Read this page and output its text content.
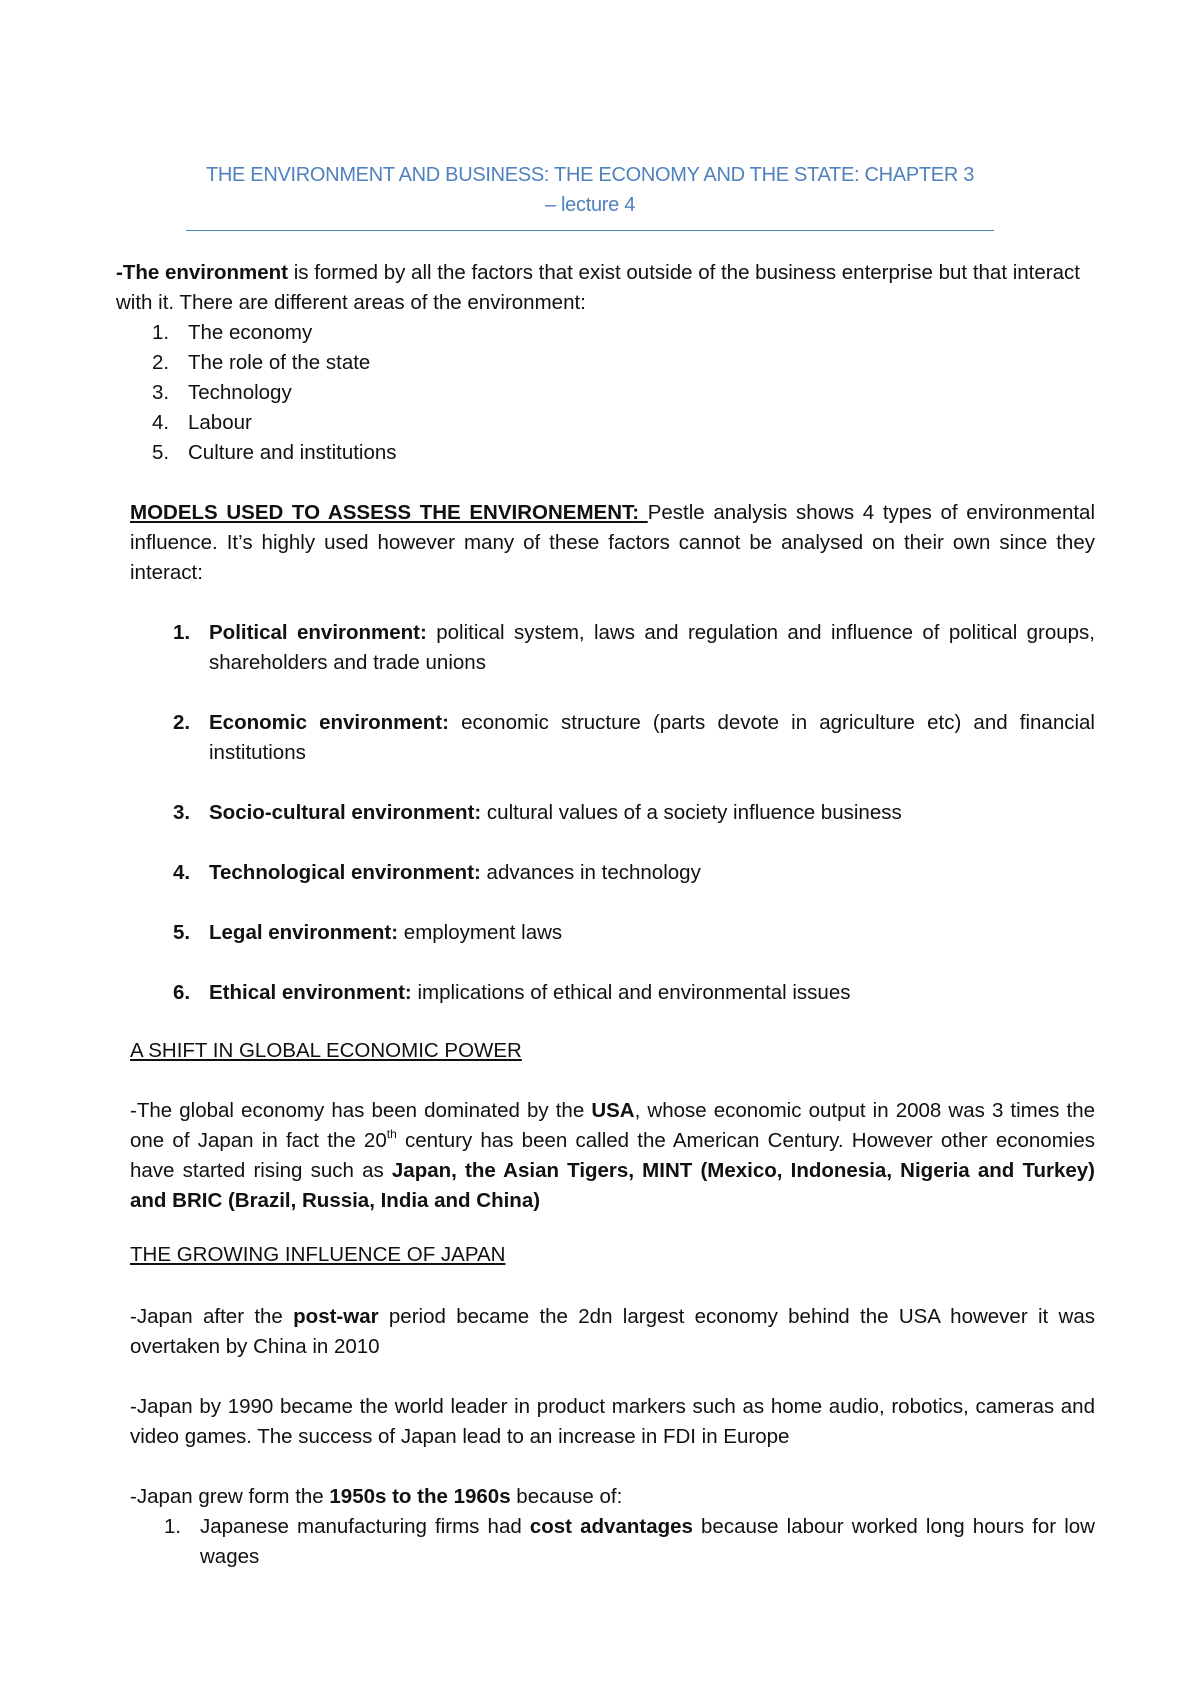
THE ENVIRONMENT AND BUSINESS: THE ECONOMY AND THE STATE: CHAPTER 3
– lecture 4

-The environment is formed by all the factors that exist outside of the business enterprise but that interact with it. There are different areas of the environment:

1. The economy
2. The role of the state
3. Technology
4. Labour
5. Culture and institutions

MODELS USED TO ASSESS THE ENVIRONEMENT: Pestle analysis shows 4 types of environmental influence. It’s highly used however many of these factors cannot be analysed on their own since they interact:

1. Political environment: political system, laws and regulation and influence of political groups, shareholders and trade unions
2. Economic environment: economic structure (parts devote in agriculture etc) and financial institutions
3. Socio-cultural environment: cultural values of a society influence business
4. Technological environment: advances in technology
5. Legal environment: employment laws
6. Ethical environment: implications of ethical and environmental issues

A SHIFT IN GLOBAL ECONOMIC POWER

-The global economy has been dominated by the USA, whose economic output in 2008 was 3 times the one of Japan in fact the 20th century has been called the American Century. However other economies have started rising such as Japan, the Asian Tigers, MINT (Mexico, Indonesia, Nigeria and Turkey) and BRIC (Brazil, Russia, India and China)

THE GROWING INFLUENCE OF JAPAN

-Japan after the post-war period became the 2dn largest economy behind the USA however it was overtaken by China in 2010

-Japan by 1990 became the world leader in product markers such as home audio, robotics, cameras and video games. The success of Japan lead to an increase in FDI in Europe

-Japan grew form the 1950s to the 1960s because of:

1. Japanese manufacturing firms had cost advantages because labour worked long hours for low wages
